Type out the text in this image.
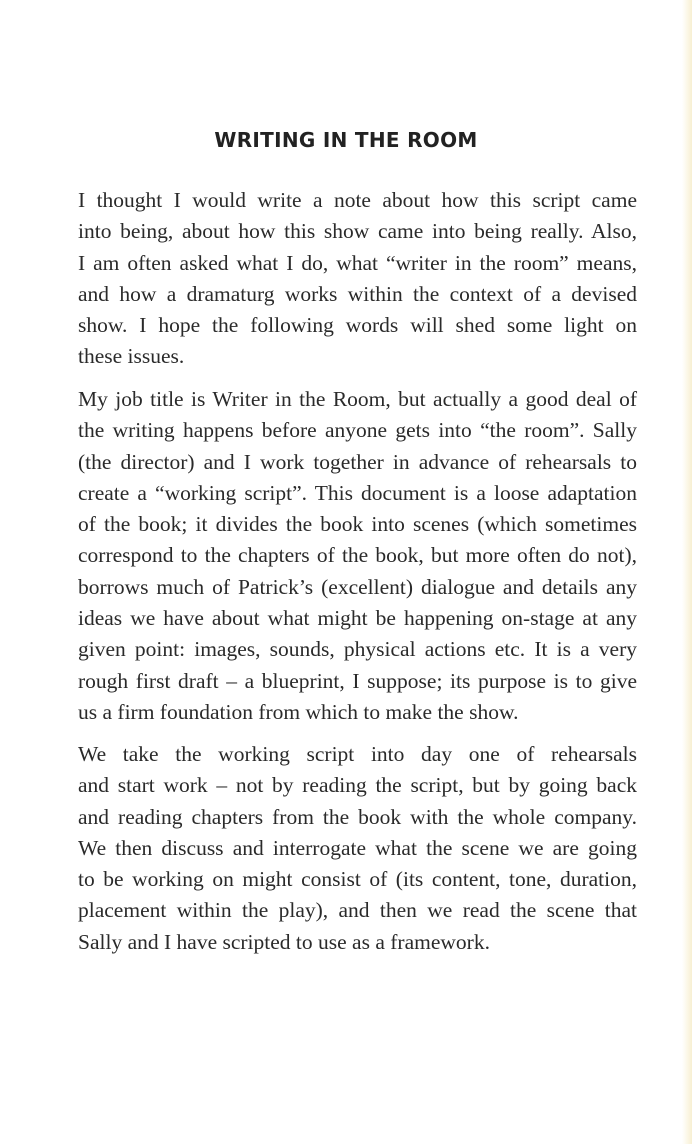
WRITING IN THE ROOM

I thought I would write a note about how this script came
into being, about how this show came into being really. Also,
I am often asked what I do, what “writer in the room” means,
and how a dramaturg works within the context of a devised
show. I hope the following words will shed some light on
these issues.

My job title is Writer in the Room, but actually a good deal of
the writing happens before anyone gets into “the room”. Sally
(the director) and I work together in advance of rehearsals to
create a “working script”. This document is a loose adaptation
of the book; it divides the book into scenes (which sometimes
correspond to the chapters of the book, but more often do not),
borrows much of Patrick’s (excellent) dialogue and details any
ideas we have about what might be happening on-stage at any
given point: images, sounds, physical actions etc. It is a very
rough first draft – a blueprint, I suppose; its purpose is to give
us a firm foundation from which to make the show.

We take the working script into day one of rehearsals
and start work – not by reading the script, but by going back
and reading chapters from the book with the whole company.
We then discuss and interrogate what the scene we are going
to be working on might consist of (its content, tone, duration,
placement within the play), and then we read the scene that
Sally and I have scripted to use as a framework.
